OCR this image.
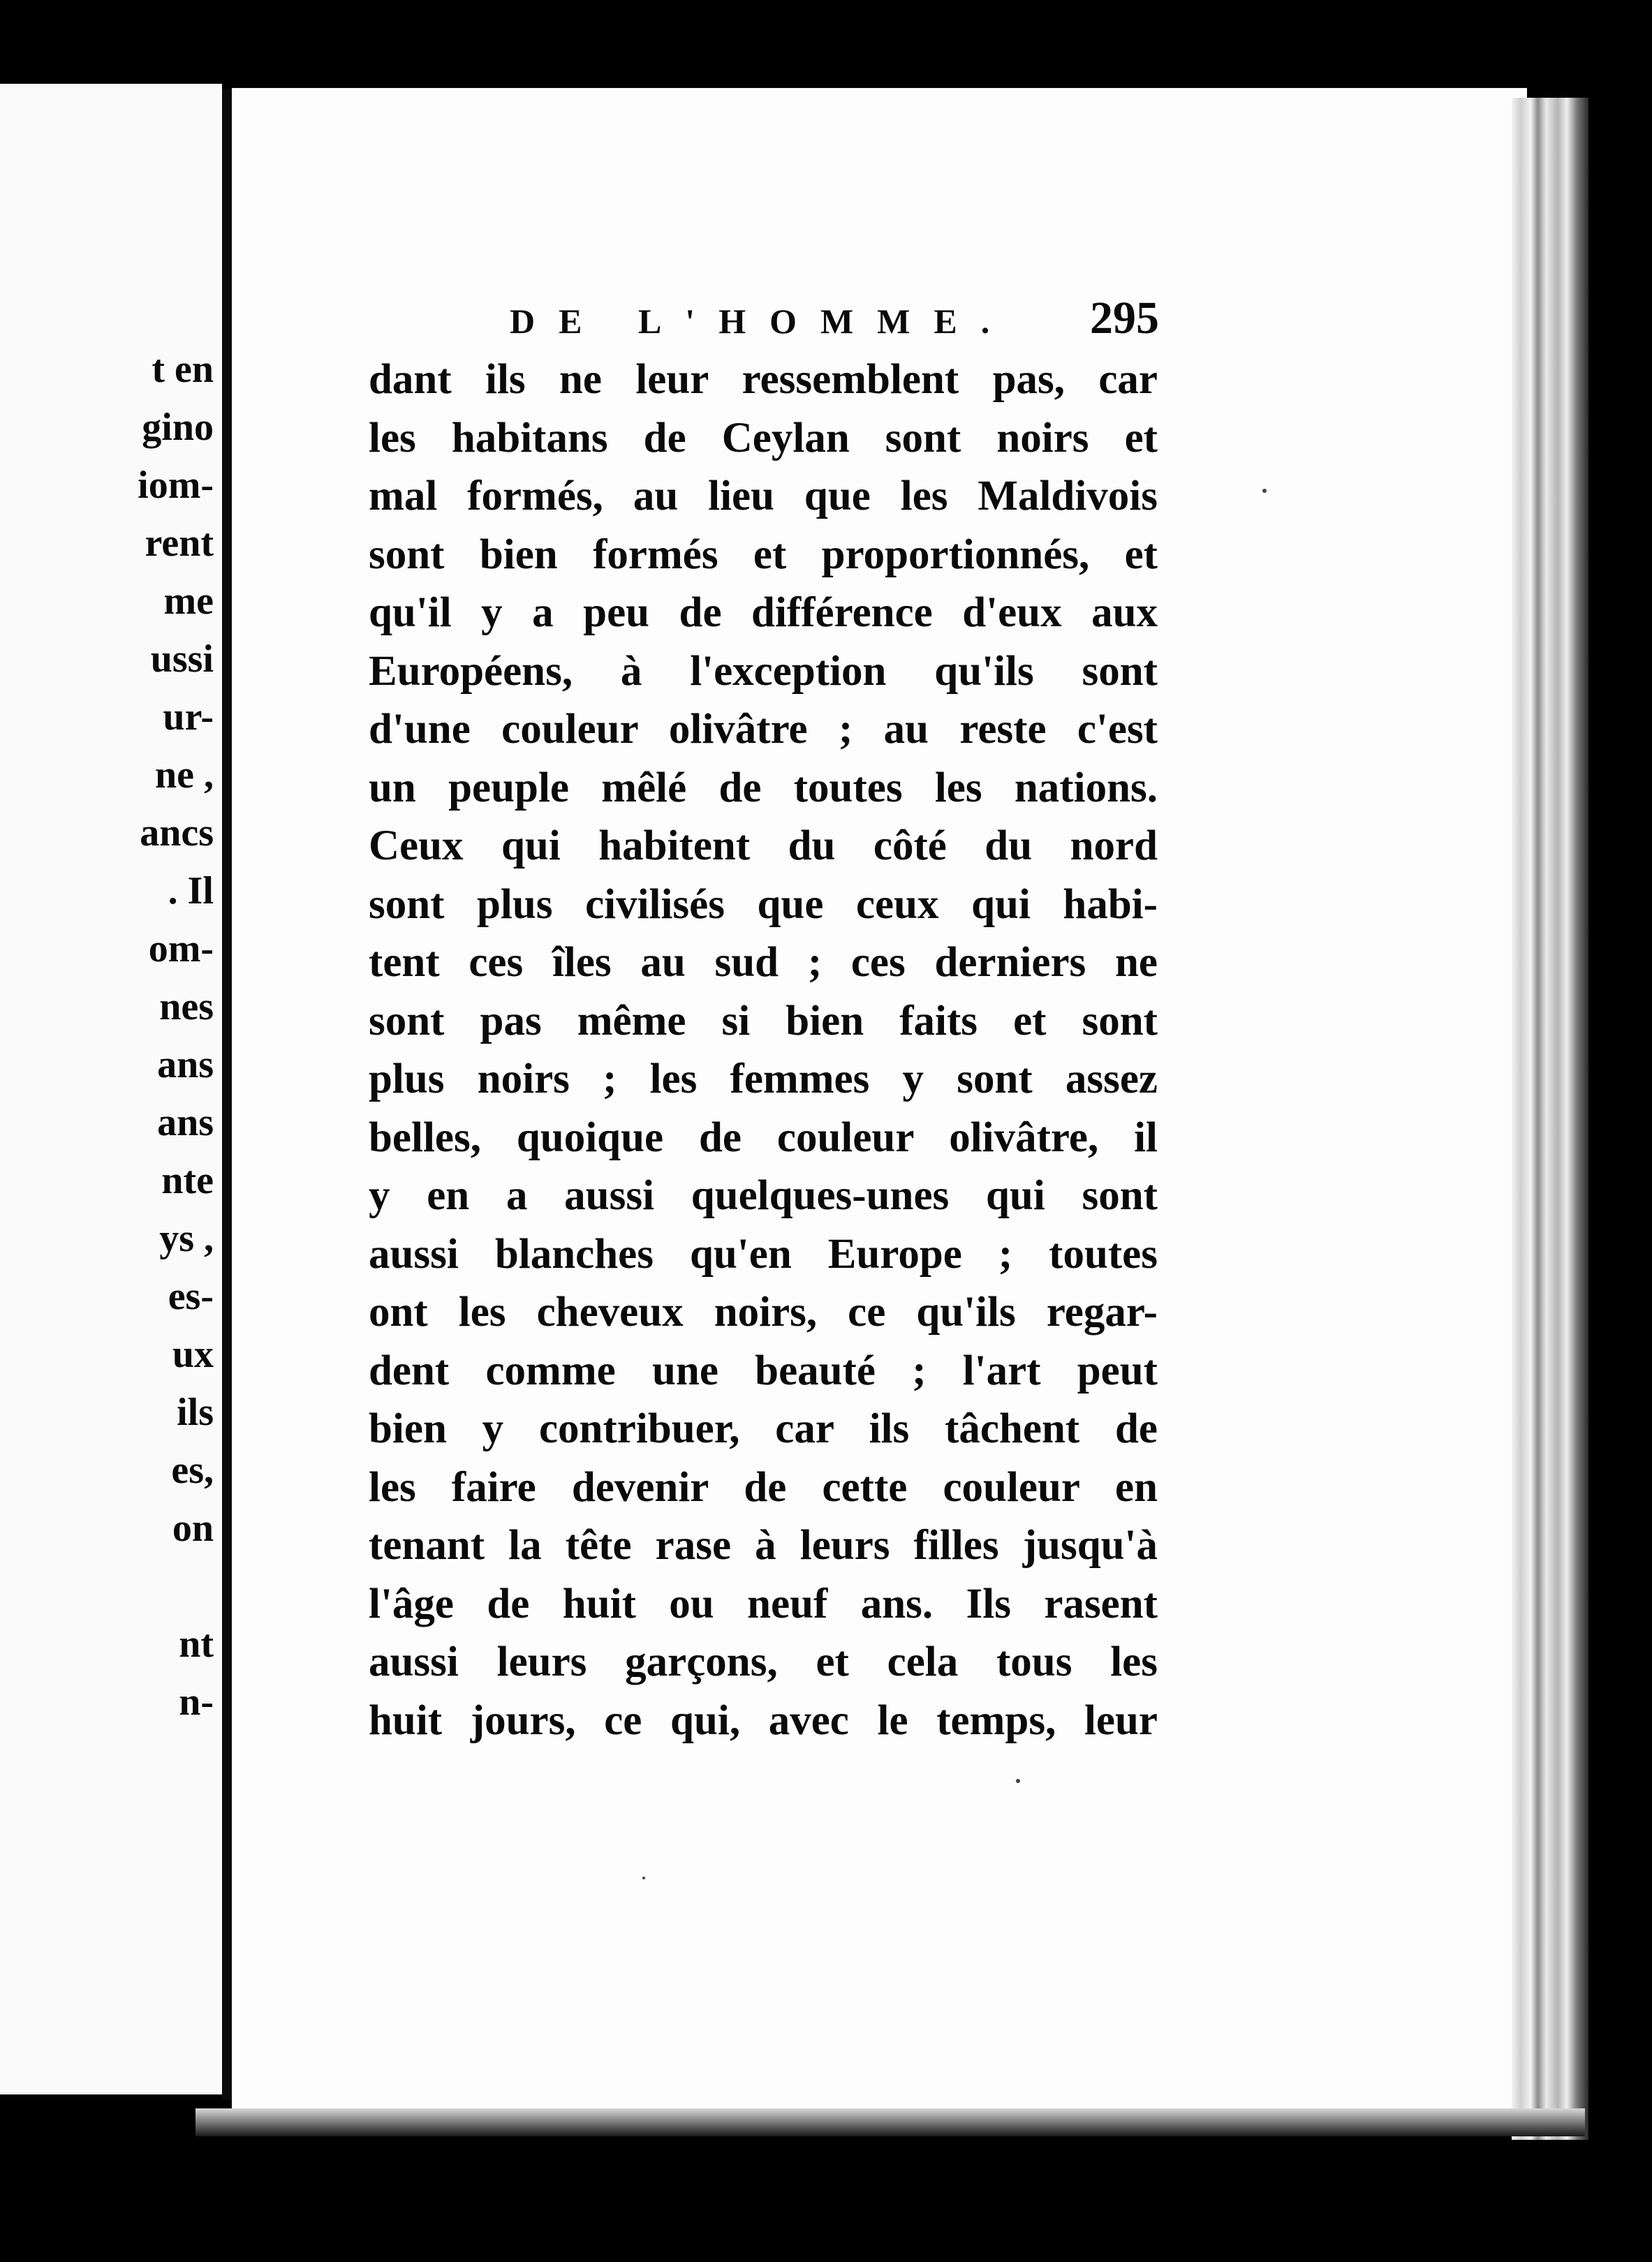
t en
gino
iom-
rent
me
ussi
ur-
ne ,
ancs
. Il
om-
nes
ans
ans
nte
ys ,
es-
ux
ils
es,
on
nt
n-
DE L'HOMME. 295
dant ils ne leur ressemblent pas, car
les habitans de Ceylan sont noirs et
mal formés, au lieu que les Maldivois
sont bien formés et proportionnés, et
qu'il y a peu de différence d'eux aux
Européens, à l'exception qu'ils sont
d'une couleur olivâtre ; au reste c'est
un peuple mêlé de toutes les nations.
Ceux qui habitent du côté du nord
sont plus civilisés que ceux qui habi-
tent ces îles au sud ; ces derniers ne
sont pas même si bien faits et sont
plus noirs ; les femmes y sont assez
belles, quoique de couleur olivâtre, il
y en a aussi quelques-unes qui sont
aussi blanches qu'en Europe ; toutes
ont les cheveux noirs, ce qu'ils regar-
dent comme une beauté ; l'art peut
bien y contribuer, car ils tâchent de
les faire devenir de cette couleur en
tenant la tête rase à leurs filles jusqu'à
l'âge de huit ou neuf ans. Ils rasent
aussi leurs garçons, et cela tous les
huit jours, ce qui, avec le temps, leur
